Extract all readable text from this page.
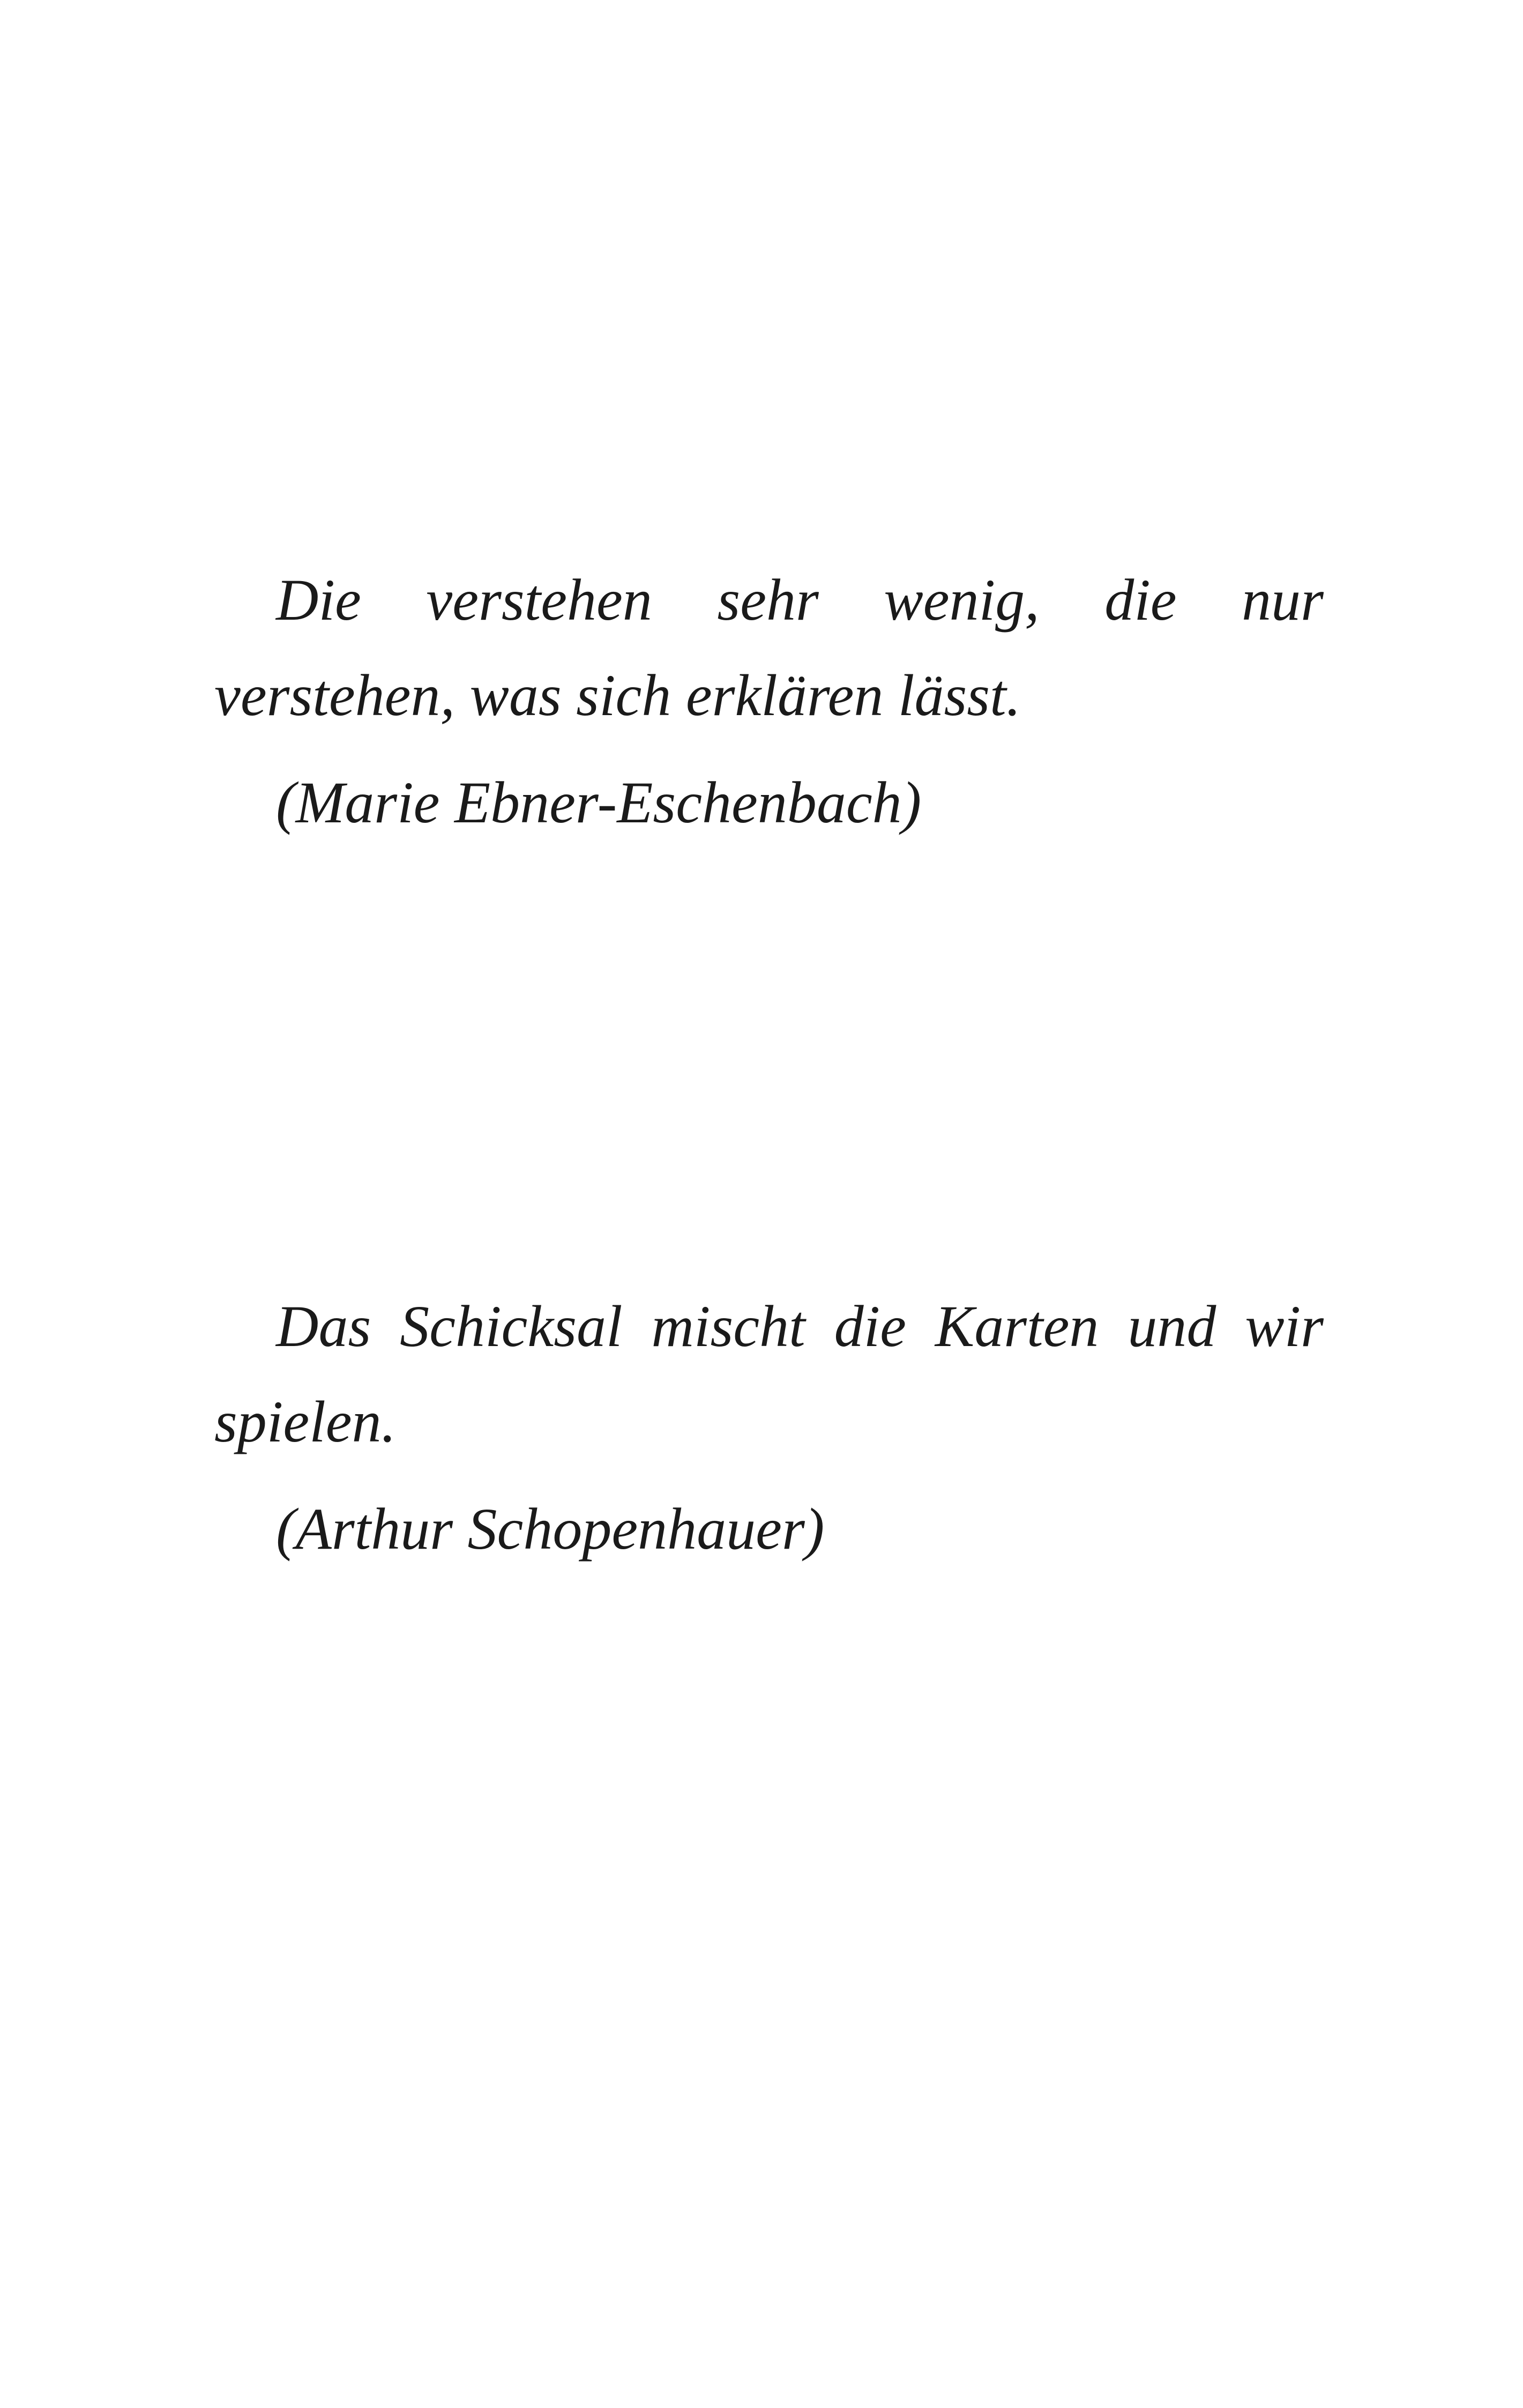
Die verstehen sehr wenig, die nur verstehen, was sich erklären lässt.

(Marie Ebner-Eschenbach)

Das Schicksal mischt die Karten und wir spielen.

(Arthur Schopenhauer)
